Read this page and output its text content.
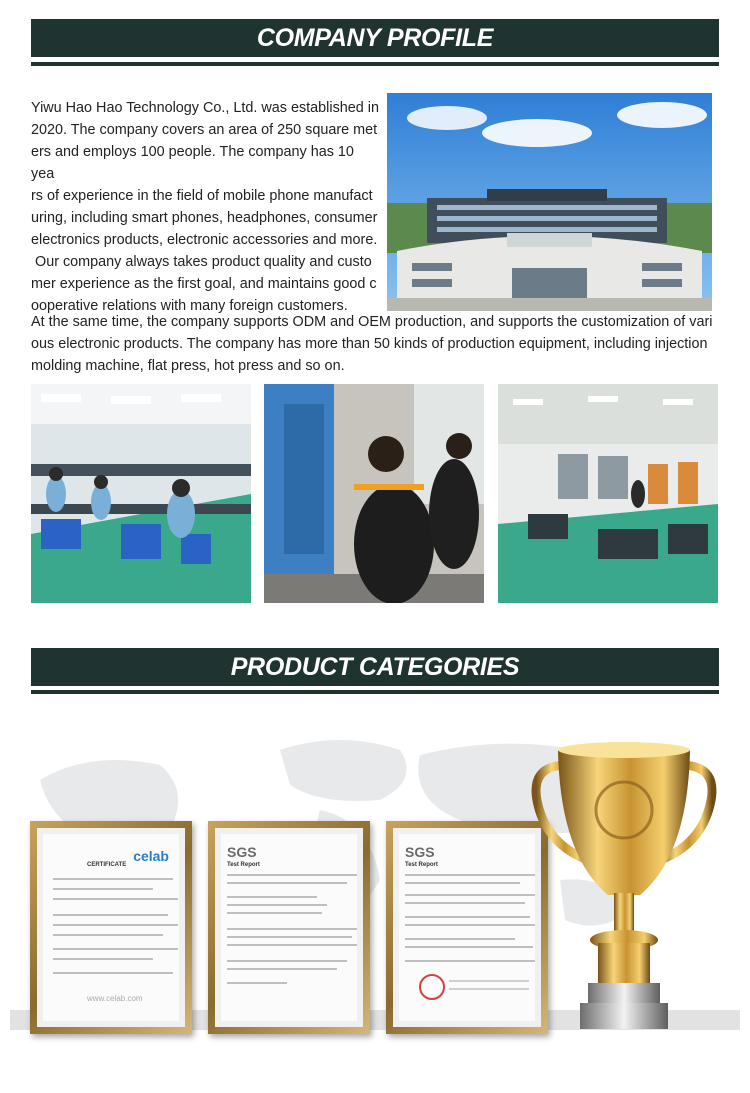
COMPANY PROFILE
Yiwu Hao Hao Technology Co., Ltd. was established in
2020. The company covers an area of 250 square met
ers and employs 100 people. The company has 10 yea
rs of experience in the field of mobile phone manufact
uring, including smart phones, headphones, consumer
electronics products, electronic accessories and more.
Our company always takes product quality and custo
mer experience as the first goal, and maintains good c
ooperative relations with many foreign customers.
At the same time, the company supports ODM and OEM production, and supports the customization of vari
ous electronic products. The company has more than 50 kinds of production equipment, including injection
molding machine, flat press, hot press and so on.
PRODUCT CATEGORIES
celab
CERTIFICATE
www.celab.com
SGS
Test Report
SGS
Test Report
